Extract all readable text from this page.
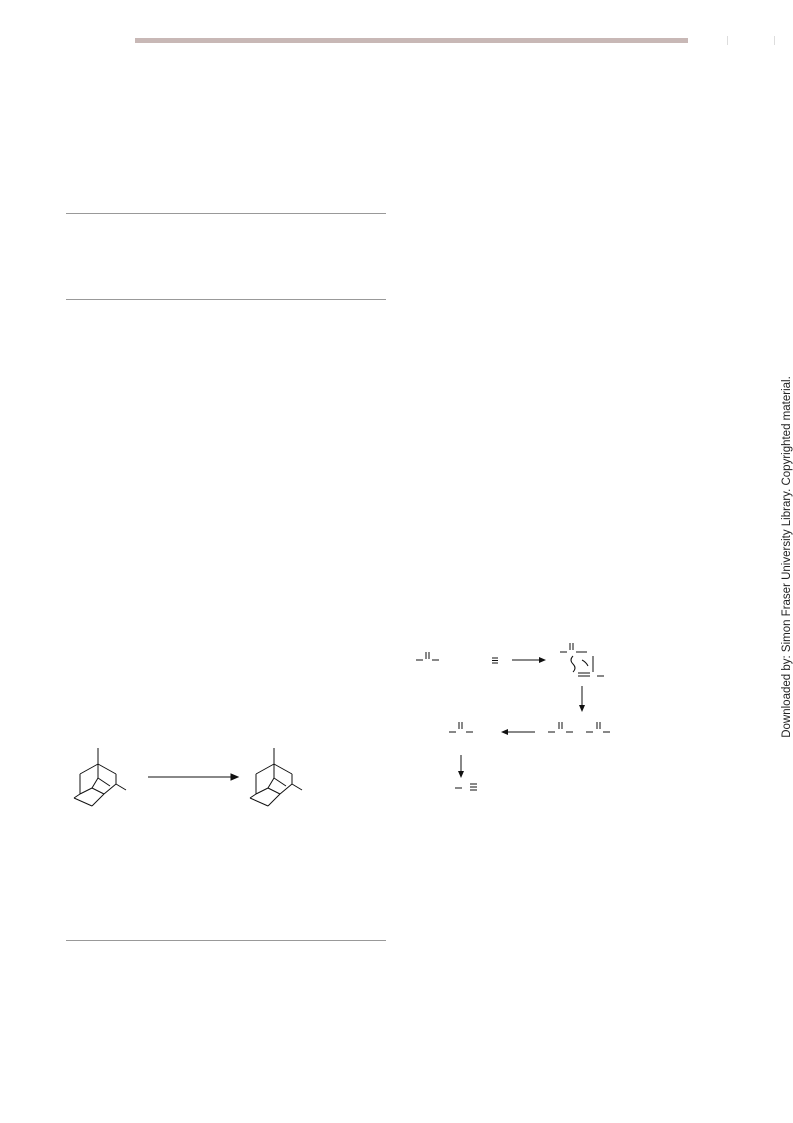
Downloaded by: Simon Fraser University Library. Copyrighted material.
